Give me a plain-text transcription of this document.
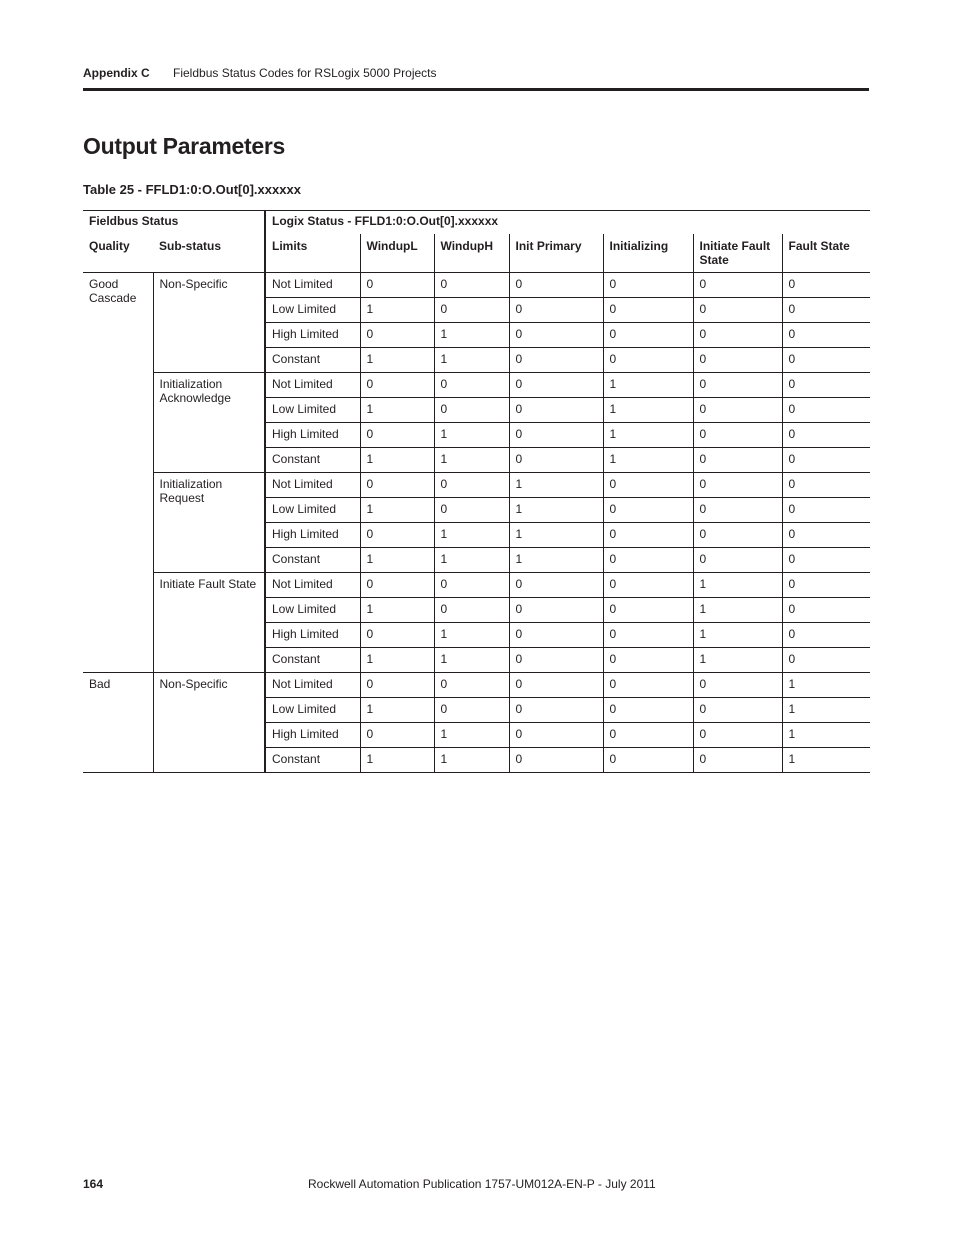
Appendix C Fieldbus Status Codes for RSLogix 5000 Projects
Output Parameters
Table 25 - FFLD1:0:O.Out[0].xxxxxx
Fieldbus Status		Logix Status - FFLD1:0:O.Out[0].xxxxxx						
Quality	Sub-status	Limits	WindupL	WindupH	Init Primary	Initializing	Initiate Fault State	Fault State
Good Cascade	Non-Specific	Not Limited	0	0	0	0	0	0
		Low Limited	1	0	0	0	0	0
		High Limited	0	1	0	0	0	0
		Constant	1	1	0	0	0	0
	Initialization Acknowledge	Not Limited	0	0	0	1	0	0
		Low Limited	1	0	0	1	0	0
		High Limited	0	1	0	1	0	0
		Constant	1	1	0	1	0	0
	Initialization Request	Not Limited	0	0	1	0	0	0
		Low Limited	1	0	1	0	0	0
		High Limited	0	1	1	0	0	0
		Constant	1	1	1	0	0	0
	Initiate Fault State	Not Limited	0	0	0	0	1	0
		Low Limited	1	0	0	0	1	0
		High Limited	0	1	0	0	1	0
		Constant	1	1	0	0	1	0
Bad	Non-Specific	Not Limited	0	0	0	0	0	1
		Low Limited	1	0	0	0	0	1
		High Limited	0	1	0	0	0	1
		Constant	1	1	0	0	0	1
164	Rockwell Automation Publication 1757-UM012A-EN-P - July 2011
